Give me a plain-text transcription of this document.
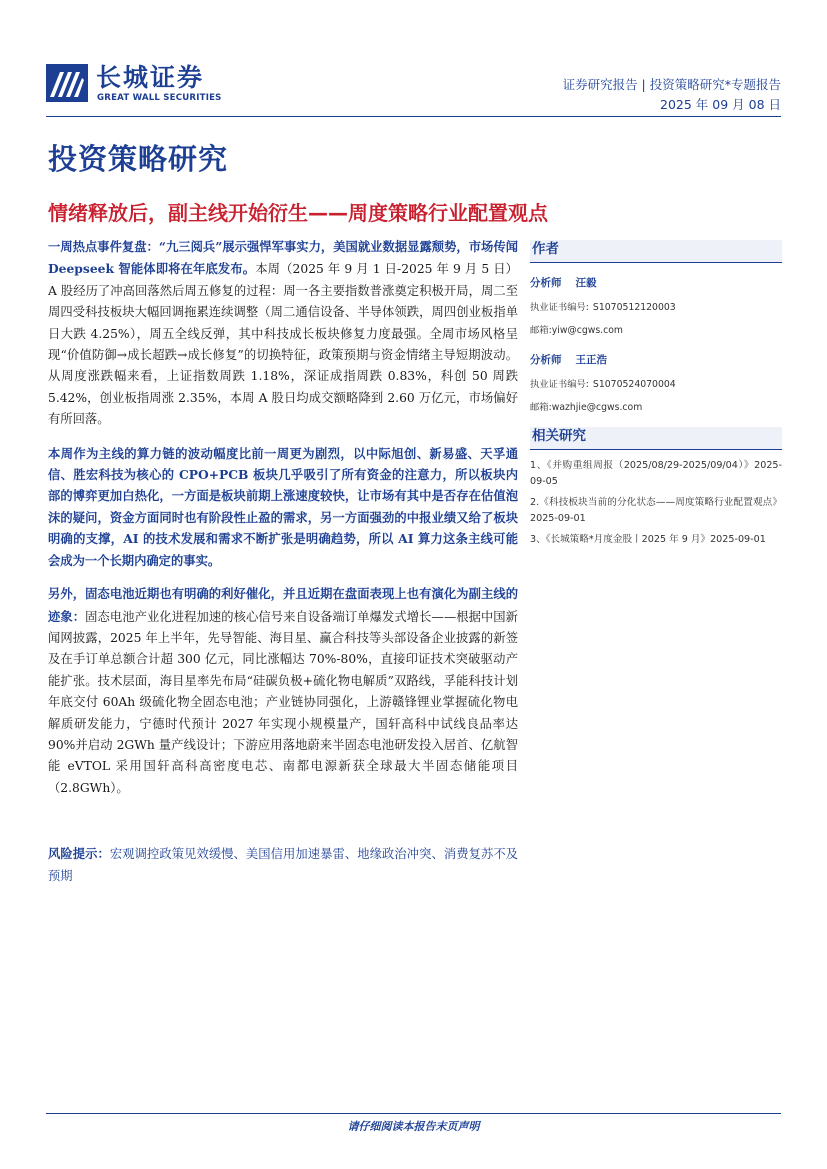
长城证券
GREAT WALL SECURITIES
证券研究报告 | 投资策略研究*专题报告
2025 年 09 月 08 日
投资策略研究
情绪释放后，副主线开始衍生——周度策略行业配置观点

一周热点事件复盘：“九三阅兵”展示强悍军事实力，美国就业数据显露颓势，市场传闻 Deepseek 智能体即将在年底发布。本周（2025 年 9 月 1 日-2025 年 9 月 5 日）A 股经历了冲高回落然后周五修复的过程：周一各主要指数普涨奠定积极开局，周二至周四受科技板块大幅回调拖累连续调整（周二通信设备、半导体领跌，周四创业板指单日大跌 4.25%），周五全线反弹，其中科技成长板块修复力度最强。全周市场风格呈现“价值防御→成长超跌→成长修复”的切换特征，政策预期与资金情绪主导短期波动。从周度涨跌幅来看，上证指数周跌 1.18%，深证成指周跌 0.83%，科创 50 周跌 5.42%，创业板指周涨 2.35%，本周 A 股日均成交额略降到 2.60 万亿元，市场偏好有所回落。

本周作为主线的算力链的波动幅度比前一周更为剧烈，以中际旭创、新易盛、天孚通信、胜宏科技为核心的 CPO+PCB 板块几乎吸引了所有资金的注意力，所以板块内部的博弈更加白热化，一方面是板块前期上涨速度较快，让市场有其中是否存在估值泡沫的疑问，资金方面同时也有阶段性止盈的需求，另一方面强劲的中报业绩又给了板块明确的支撑，AI 的技术发展和需求不断扩张是明确趋势，所以 AI 算力这条主线可能会成为一个长期内确定的事实。

另外，固态电池近期也有明确的利好催化，并且近期在盘面表现上也有演化为副主线的迹象：固态电池产业化进程加速的核心信号来自设备端订单爆发式增长——根据中国新闻网披露，2025 年上半年，先导智能、海目星、赢合科技等头部设备企业披露的新签及在手订单总额合计超 300 亿元，同比涨幅达 70%-80%，直接印证技术突破驱动产能扩张。技术层面，海目星率先布局“硅碳负极+硫化物电解质”双路线，孚能科技计划年底交付 60Ah 级硫化物全固态电池；产业链协同强化，上游赣锋锂业掌握硫化物电解质研发能力，宁德时代预计 2027 年实现小规模量产，国轩高科中试线良品率达 90%并启动 2GWh 量产线设计；下游应用落地蔚来半固态电池研发投入居首、亿航智能 eVTOL 采用国轩高科高密度电芯、南都电源新获全球最大半固态储能项目（2.8GWh）。

风险提示：宏观调控政策见效缓慢、美国信用加速暴雷、地缘政治冲突、消费复苏不及预期

作者
分析师 汪毅
执业证书编号: S1070512120003
邮箱:yiw@cgws.com
分析师 王正浩
执业证书编号: S1070524070004
邮箱:wazhjie@cgws.com
相关研究
1、《并购重组周报（2025/08/29-2025/09/04）》2025-09-05
2.《科技板块当前的分化状态——周度策略行业配置观点》2025-09-01
3、《长城策略*月度金股丨2025 年 9 月》2025-09-01
请仔细阅读本报告末页声明
